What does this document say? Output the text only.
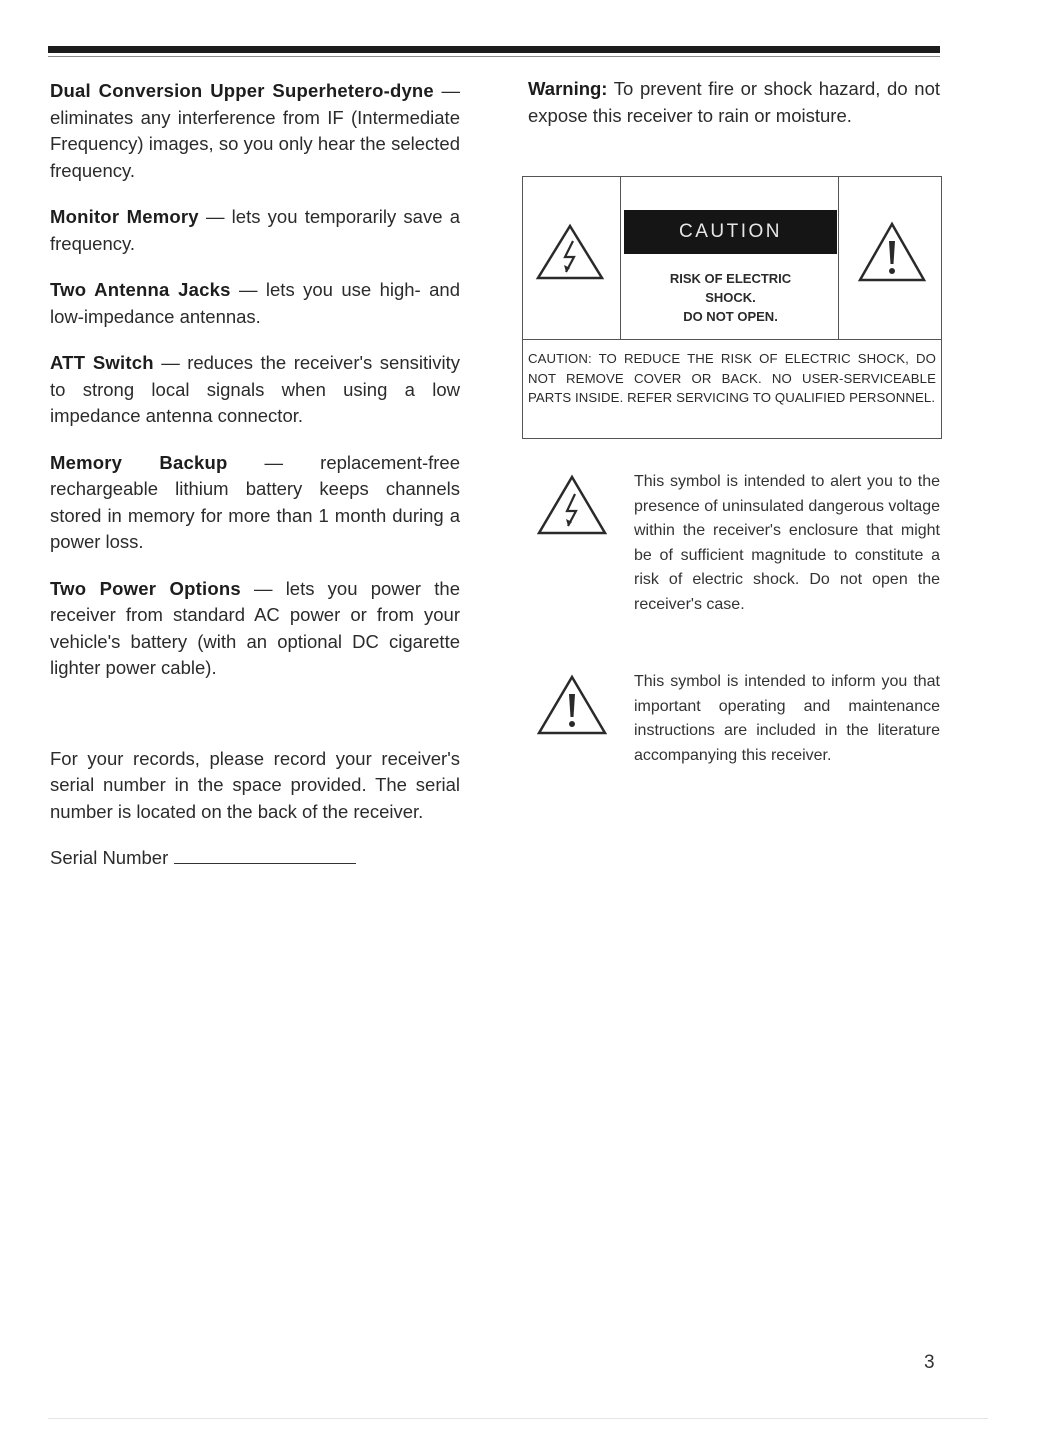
Dual Conversion Upper Superhetero-dyne — eliminates any interference from IF (Intermediate Frequency) images, so you only hear the selected frequency.

Monitor Memory — lets you temporarily save a frequency.

Two Antenna Jacks — lets you use high- and low-impedance antennas.

ATT Switch — reduces the receiver's sensitivity to strong local signals when using a low impedance antenna connector.

Memory Backup — replacement-free rechargeable lithium battery keeps channels stored in memory for more than 1 month during a power loss.

Two Power Options — lets you power the receiver from standard AC power or from your vehicle's battery (with an optional DC cigarette lighter power cable).

For your records, please record your receiver's serial number in the space provided. The serial number is located on the back of the receiver.

Serial Number

Warning: To prevent fire or shock hazard, do not expose this receiver to rain or moisture.

CAUTION
RISK OF ELECTRIC
SHOCK.
DO NOT OPEN.
CAUTION: TO REDUCE THE RISK OF ELECTRIC SHOCK, DO NOT REMOVE COVER OR BACK. NO USER-SERVICEABLE PARTS INSIDE. REFER SERVICING TO QUALIFIED PERSONNEL.
This symbol is intended to alert you to the presence of uninsulated dangerous voltage within the receiver's enclosure that might be of sufficient magnitude to constitute a risk of electric shock. Do not open the receiver's case.
This symbol is intended to inform you that important operating and maintenance instructions are included in the literature accompanying this receiver.
3
